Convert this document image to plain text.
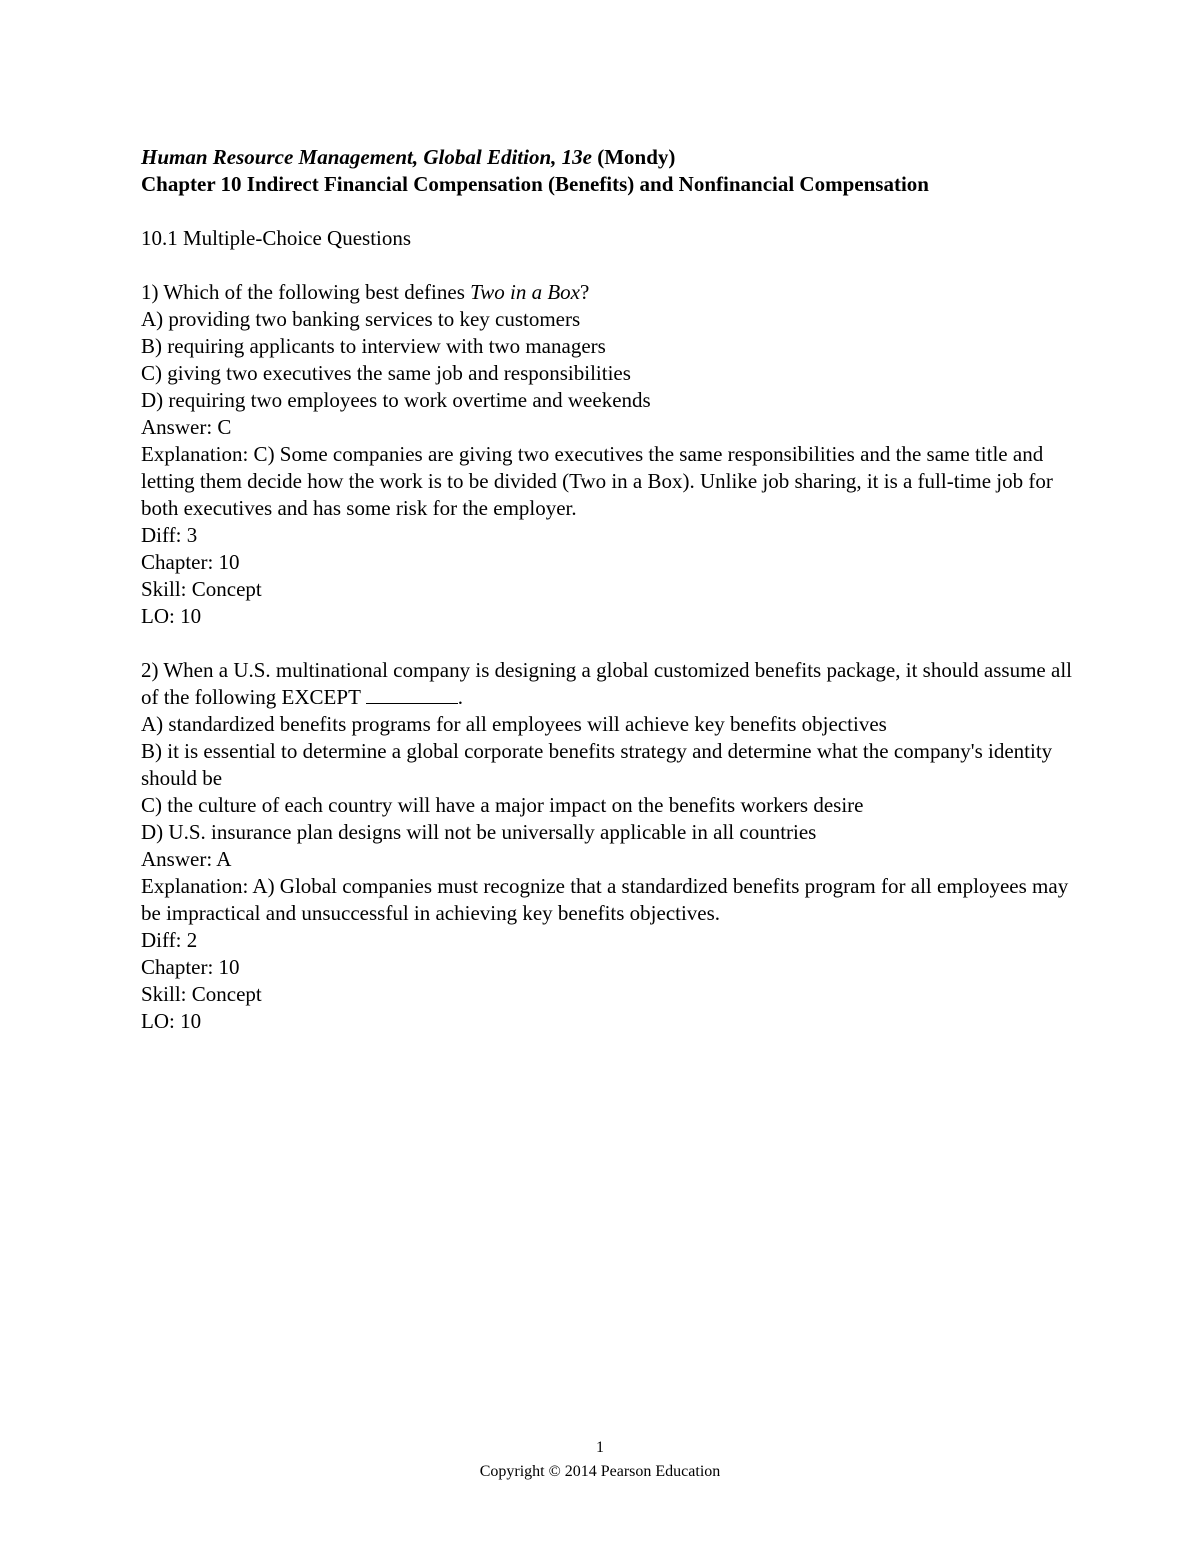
Human Resource Management, Global Edition, 13e (Mondy)
Chapter 10 Indirect Financial Compensation (Benefits) and Nonfinancial Compensation
10.1 Multiple-Choice Questions
1) Which of the following best defines Two in a Box?
A) providing two banking services to key customers
B) requiring applicants to interview with two managers
C) giving two executives the same job and responsibilities
D) requiring two employees to work overtime and weekends
Answer: C
Explanation: C) Some companies are giving two executives the same responsibilities and the same title and letting them decide how the work is to be divided (Two in a Box). Unlike job sharing, it is a full-time job for both executives and has some risk for the employer.
Diff: 3
Chapter: 10
Skill: Concept
LO: 10
2) When a U.S. multinational company is designing a global customized benefits package, it should assume all of the following EXCEPT	.
A) standardized benefits programs for all employees will achieve key benefits objectives
B) it is essential to determine a global corporate benefits strategy and determine what the company's identity should be
C) the culture of each country will have a major impact on the benefits workers desire
D) U.S. insurance plan designs will not be universally applicable in all countries
Answer: A
Explanation: A) Global companies must recognize that a standardized benefits program for all employees may be impractical and unsuccessful in achieving key benefits objectives.
Diff: 2
Chapter: 10
Skill: Concept
LO: 10
1
Copyright © 2014 Pearson Education
